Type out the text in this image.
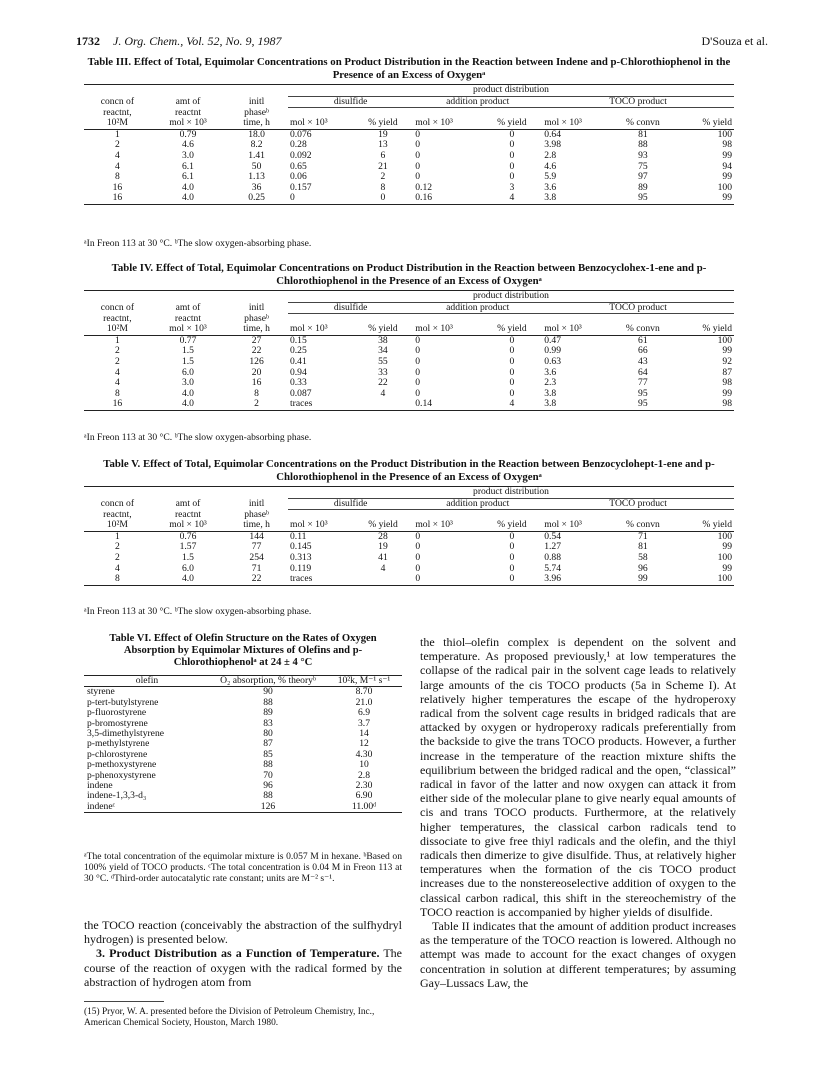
1732 J. Org. Chem., Vol. 52, No. 9, 1987	D'Souza et al.
Table III. Effect of Total, Equimolar Concentrations on Product Distribution in the Reaction between Indene and p-Chlorothiophenol in the Presence of an Excess of Oxygenᵃ
			product distribution						
concn of	amt of	initl	disulfide		addition product		TOCO product		
reactnt,	reactnt	phaseᵇ							
10²M	mol × 10³	time, h	mol × 10³	% yield	mol × 10³	% yield	mol × 10³	% convn	% yield
1	0.79	18.0	0.076	19	0	0	0.64	81	100
2	4.6	8.2	0.28	13	0	0	3.98	88	98
4	3.0	1.41	0.092	6	0	0	2.8	93	99
4	6.1	50	0.65	21	0	0	4.6	75	94
8	6.1	1.13	0.06	2	0	0	5.9	97	99
16	4.0	36	0.157	8	0.12	3	3.6	89	100
16	4.0	0.25	0	0	0.16	4	3.8	95	99
ᵃIn Freon 113 at 30 °C. ᵇThe slow oxygen-absorbing phase.
Table IV. Effect of Total, Equimolar Concentrations on Product Distribution in the Reaction between Benzocyclohex-1-ene and p-Chlorothiophenol in the Presence of an Excess of Oxygenᵃ
			product distribution						
concn of	amt of	initl	disulfide		addition product		TOCO product		
reactnt,	reactnt	phaseᵇ							
10²M	mol × 10³	time, h	mol × 10³	% yield	mol × 10³	% yield	mol × 10³	% convn	% yield
1	0.77	27	0.15	38	0	0	0.47	61	100
2	1.5	22	0.25	34	0	0	0.99	66	99
2	1.5	126	0.41	55	0	0	0.63	43	92
4	6.0	20	0.94	33	0	0	3.6	64	87
4	3.0	16	0.33	22	0	0	2.3	77	98
8	4.0	8	0.087	4	0	0	3.8	95	99
16	4.0	2	traces		0.14	4	3.8	95	98
ᵃIn Freon 113 at 30 °C. ᵇThe slow oxygen-absorbing phase.
Table V. Effect of Total, Equimolar Concentrations on the Product Distribution in the Reaction between Benzocyclohept-1-ene and p-Chlorothiophenol in the Presence of an Excess of Oxygenᵃ
			product distribution						
concn of	amt of	initl	disulfide		addition product		TOCO product		
reactnt,	reactnt	phaseᵇ							
10²M	mol × 10³	time, h	mol × 10³	% yield	mol × 10³	% yield	mol × 10³	% convn	% yield
1	0.76	144	0.11	28	0	0	0.54	71	100
2	1.57	77	0.145	19	0	0	1.27	81	99
2	1.5	254	0.313	41	0	0	0.88	58	100
4	6.0	71	0.119	4	0	0	5.74	96	99
8	4.0	22	traces		0	0	3.96	99	100
ᵃIn Freon 113 at 30 °C. ᵇThe slow oxygen-absorbing phase.
Table VI. Effect of Olefin Structure on the Rates of Oxygen Absorption by Equimolar Mixtures of Olefins and p-Chlorothiophenolᵃ at 24 ± 4 °C
olefin	O₂ absorption, % theoryᵇ	10²k, M⁻¹ s⁻¹
styrene	90	8.70
p-tert-butylstyrene	88	21.0
p-fluorostyrene	89	6.9
p-bromostyrene	83	3.7
3,5-dimethylstyrene	80	14
p-methylstyrene	87	12
p-chlorostyrene	85	4.30
p-methoxystyrene	88	10
p-phenoxystyrene	70	2.8
indene	96	2.30
indene-1,3,3-d₃	88	6.90
indeneᶜ	126	11.00ᵈ
ᵃThe total concentration of the equimolar mixture is 0.057 M in hexane. ᵇBased on 100% yield of TOCO products. ᶜThe total concentration is 0.04 M in Freon 113 at 30 °C. ᵈThird-order autocatalytic rate constant; units are M⁻² s⁻¹.

the TOCO reaction (conceivably the abstraction of the sulfhydryl hydrogen) is presented below.

3. Product Distribution as a Function of Temperature. The course of the reaction of oxygen with the radical formed by the abstraction of hydrogen atom from

(15) Pryor, W. A. presented before the Division of Petroleum Chemistry, Inc., American Chemical Society, Houston, March 1980.

the thiol–olefin complex is dependent on the solvent and temperature. As proposed previously,¹ at low temperatures the collapse of the radical pair in the solvent cage leads to relatively large amounts of the cis TOCO products (5a in Scheme I). At relatively higher temperatures the escape of the hydroperoxy radical from the solvent cage results in bridged radicals that are attacked by oxygen or hydroperoxy radicals preferentially from the backside to give the trans TOCO products. However, a further increase in the temperature of the reaction mixture shifts the equilibrium between the bridged radical and the open, “classical” radical in favor of the latter and now oxygen can attack it from either side of the molecular plane to give nearly equal amounts of cis and trans TOCO products. Furthermore, at the relatively higher temperatures, the classical carbon radicals tend to dissociate to give free thiyl radicals and the olefin, and the thiyl radicals then dimerize to give disulfide. Thus, at relatively higher temperatures when the formation of the cis TOCO product increases due to the nonstereoselective addition of oxygen to the classical carbon radical, this shift in the stereochemistry of the TOCO reaction is accompanied by higher yields of disulfide.

Table II indicates that the amount of addition product increases as the temperature of the TOCO reaction is lowered. Although no attempt was made to account for the exact changes of oxygen concentration in solution at different temperatures; by assuming Gay–Lussacs Law, the
